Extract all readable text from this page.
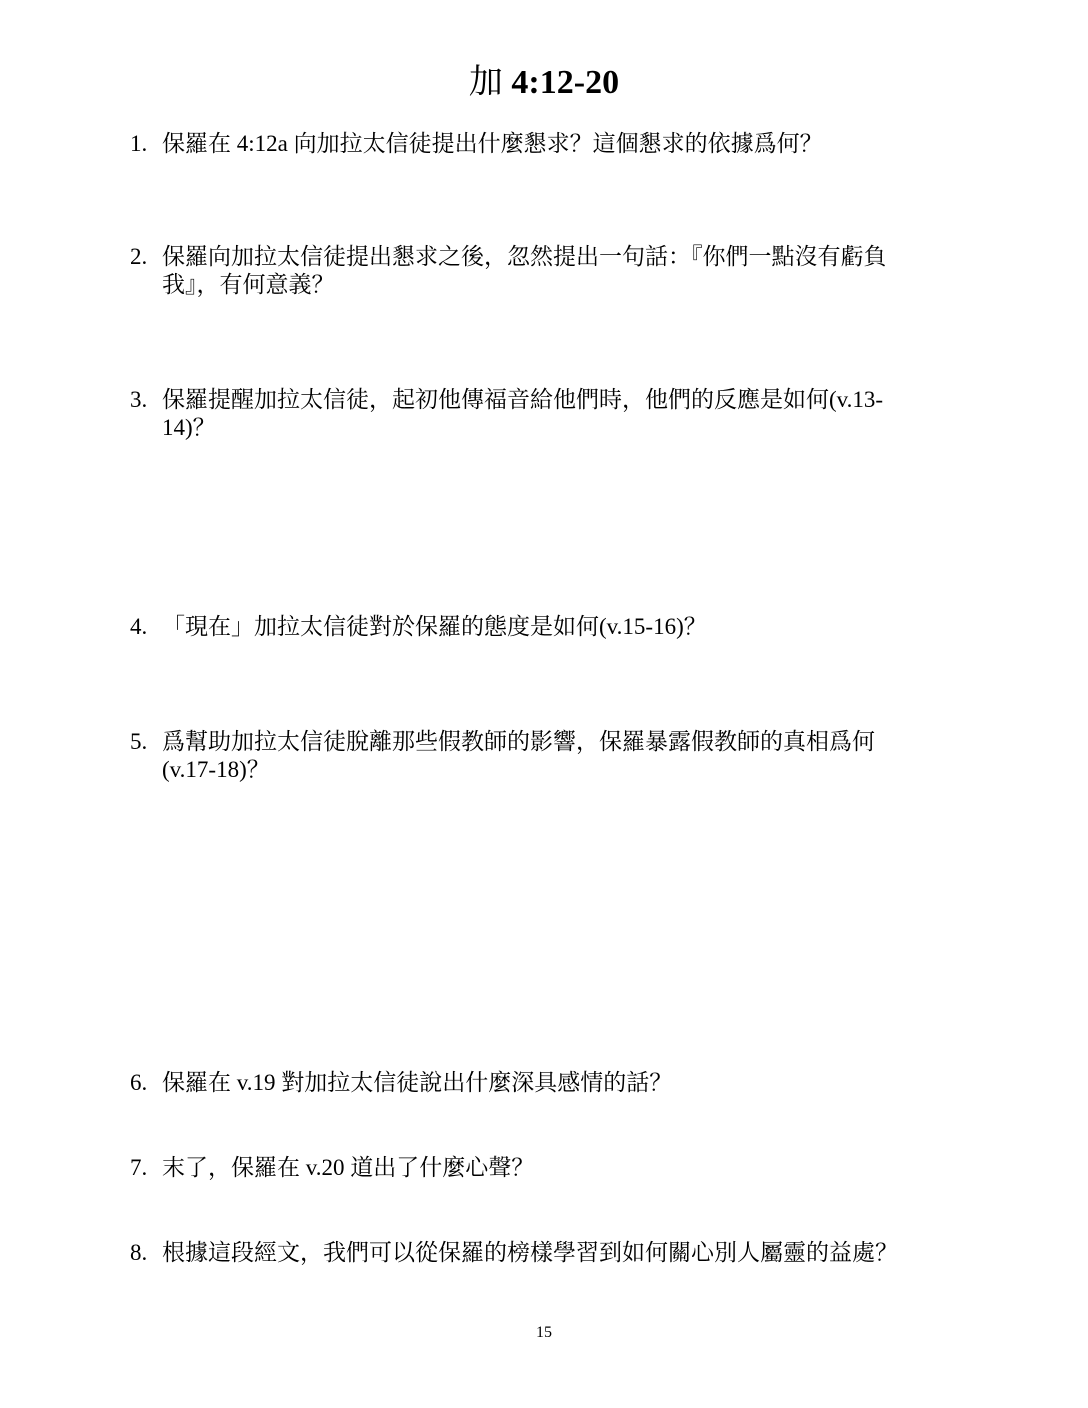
加 4:12-20
1. 保羅在 4:12a 向加拉太信徒提出什麼懇求？這個懇求的依據爲何？
2. 保羅向加拉太信徒提出懇求之後，忽然提出一句話：『你們一點沒有虧負
我』，有何意義？
3. 保羅提醒加拉太信徒，起初他傳福音給他們時，他們的反應是如何(v.13-
14)？
4. 「現在」加拉太信徒對於保羅的態度是如何(v.15-16)？
5. 爲幫助加拉太信徒脫離那些假教師的影響，保羅暴露假教師的真相爲何
(v.17-18)？
6. 保羅在 v.19 對加拉太信徒說出什麼深具感情的話？
7. 末了，保羅在 v.20 道出了什麼心聲？
8. 根據這段經文，我們可以從保羅的榜樣學習到如何關心別人屬靈的益處？
15
